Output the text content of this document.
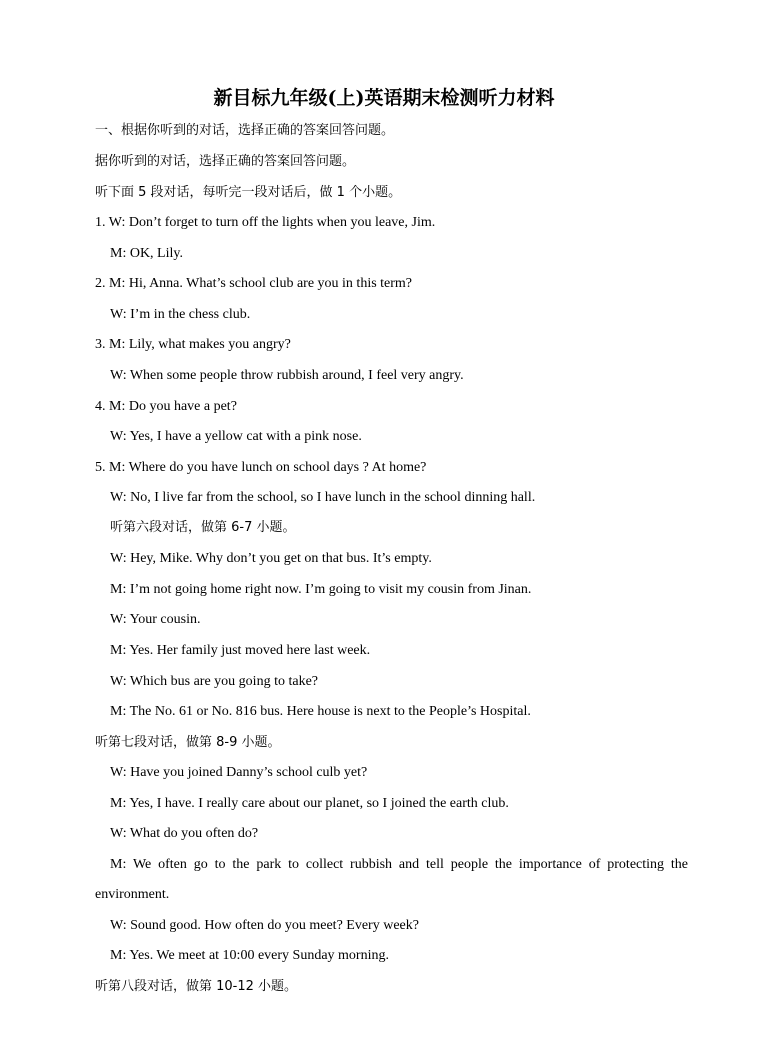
新目标九年级(上)英语期末检测听力材料
一、根据你听到的对话，选择正确的答案回答问题。
据你听到的对话，选择正确的答案回答问题。
听下面 5 段对话，每听完一段对话后，做 1 个小题。
1. W: Don’t forget to turn off the lights when you leave, Jim.
M: OK, Lily.
2. M: Hi, Anna. What’s school club are you in this term?
W: I’m in the chess club.
3. M: Lily, what makes you angry?
W: When some people throw rubbish around, I feel very angry.
4. M: Do you have a pet?
W: Yes, I have a yellow cat with a pink nose.
5. M: Where do you have lunch on school days ? At home?
W: No, I live far from the school, so I have lunch in the school dinning hall.
听第六段对话，做第 6-7 小题。
W: Hey, Mike. Why don’t you get on that bus. It’s empty.
M: I’m not going home right now. I’m going to visit my cousin from Jinan.
W: Your cousin.
M: Yes. Her family just moved here last week.
W: Which bus are you going to take?
M: The No. 61 or No. 816 bus. Here house is next to the People’s Hospital.
听第七段对话，做第 8-9 小题。
W: Have you joined Danny’s school culb yet?
M: Yes, I have. I really care about our planet, so I joined the earth club.
W: What do you often do?
M: We often go to the park to collect rubbish and tell people the importance of protecting the
environment.
W: Sound good. How often do you meet? Every week?
M: Yes. We meet at 10:00 every Sunday morning.
听第八段对话，做第 10-12 小题。
